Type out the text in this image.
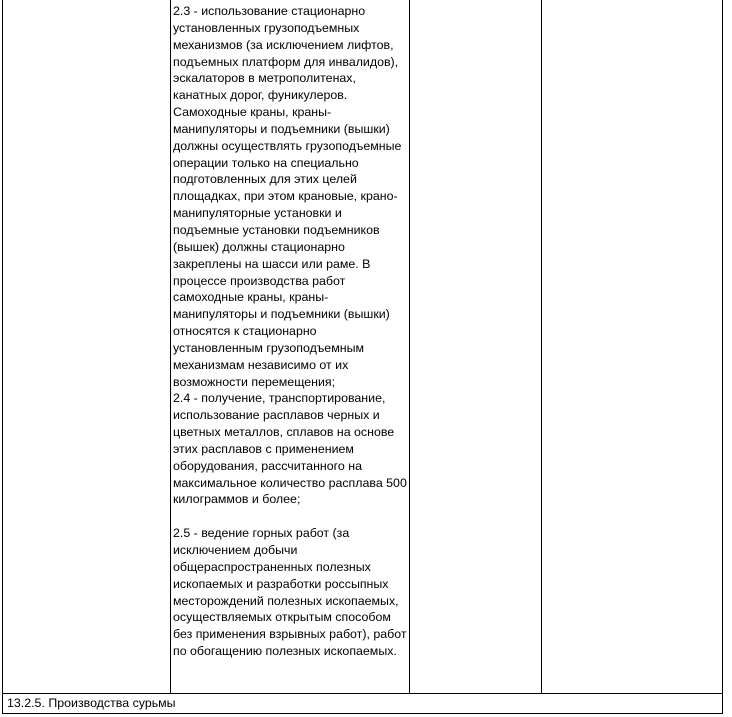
2.3 - использование стационарно установленных грузоподъемных механизмов (за исключением лифтов, подъемных платформ для инвалидов), эскалаторов в метрополитенах, канатных дорог, фуникулеров. Самоходные краны, краны-манипуляторы и подъемники (вышки) должны осуществлять грузоподъемные операции только на специально подготовленных для этих целей площадках, при этом крановые, крано-манипуляторные установки и подъемные установки подъемников (вышек) должны стационарно закреплены на шасси или раме. В процессе производства работ самоходные краны, краны-манипуляторы и подъемники (вышки) относятся к стационарно установленным грузоподъемным механизмам независимо от их возможности перемещения;

2.4 - получение, транспортирование, использование расплавов черных и цветных металлов, сплавов на основе этих расплавов с применением оборудования, рассчитанного на максимальное количество расплава 500 килограммов и более;

2.5 - ведение горных работ (за исключением добычи общераспространенных полезных ископаемых и разработки россыпных месторождений полезных ископаемых, осуществляемых открытым способом без применения взрывных работ), работ по обогащению полезных ископаемых.

13.2.5. Производства сурьмы
